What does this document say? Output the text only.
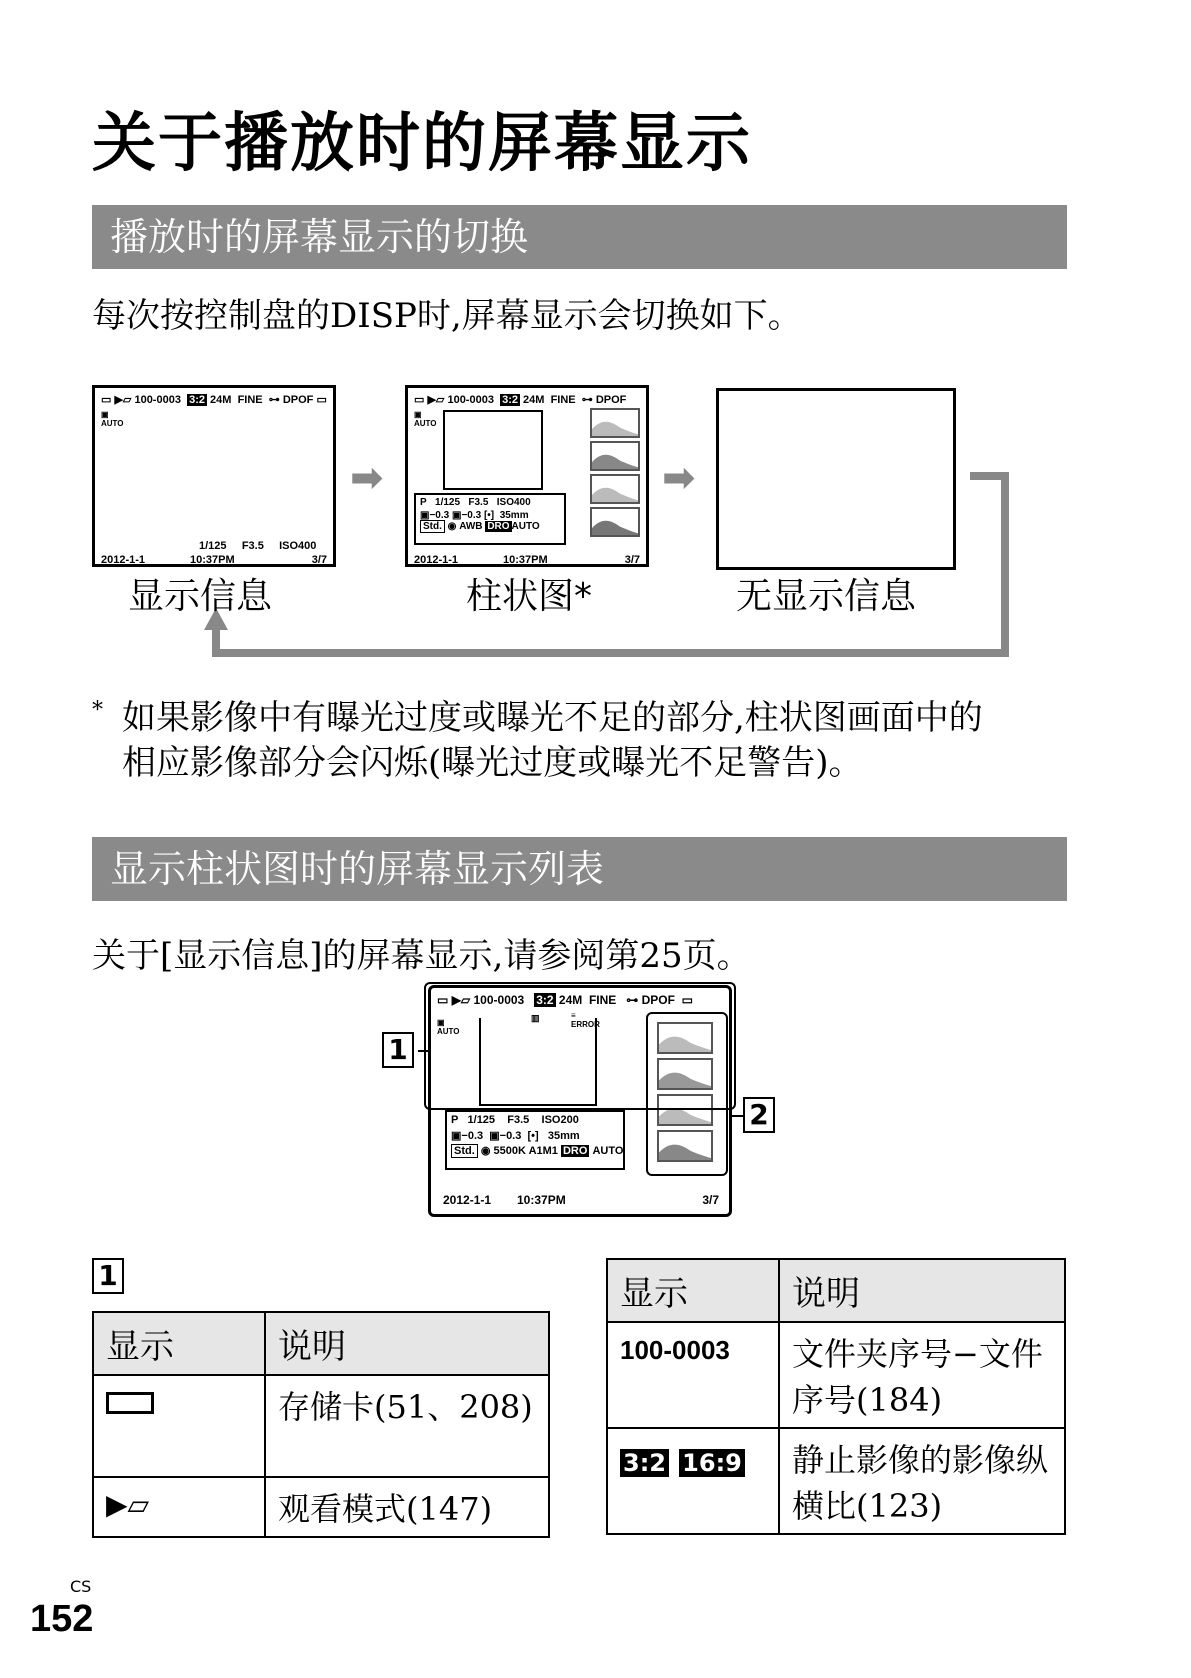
关于播放时的屏幕显示
播放时的屏幕显示的切换
每次按控制盘的DISP时,屏幕显示会切换如下。
▭ ▶▱ 100-0003 3:2 24M FINE ⊶ DPOF ▭
▣
AUTO
1/125 F3.5 ISO400
2012-1-1	10:37PM	3/7
➡
▭ ▶▱ 100-0003 3:2 24M FINE ⊶ DPOF
▣
AUTO
P 1/125 F3.5 ISO400
▣−0.3 ▣−0.3 [•]  35mm
Std. ◉ AWB DRO AUTO
2012-1-1	10:37PM	3/7
➡
显示信息	柱状图*	无显示信息
* 如果影像中有曝光过度或曝光不足的部分,柱状图画面中的
相应影像部分会闪烁(曝光过度或曝光不足警告)。
显示柱状图时的屏幕显示列表
关于[显示信息]的屏幕显示,请参阅第25页。
▭ ▶▱ 100-0003 3:2 24M FINE ⊶ DPOF ▭
▣
AUTO
▥	≡
ERROR
P 1/125 F3.5 ISO200
▣−0.3  ▣−0.3  [•]   35mm
Std. ◉ 5500K A1M1 DRO AUTO
2012-1-1 10:37PM	3/7
1
2
1
显示	说明
	存储卡(51、208)
▶▱	观看模式(147)
显示	说明
100-0003	文件夹序号−文件序号(184)
3:2 16:9	静止影像的影像纵横比(123)
CS
152
